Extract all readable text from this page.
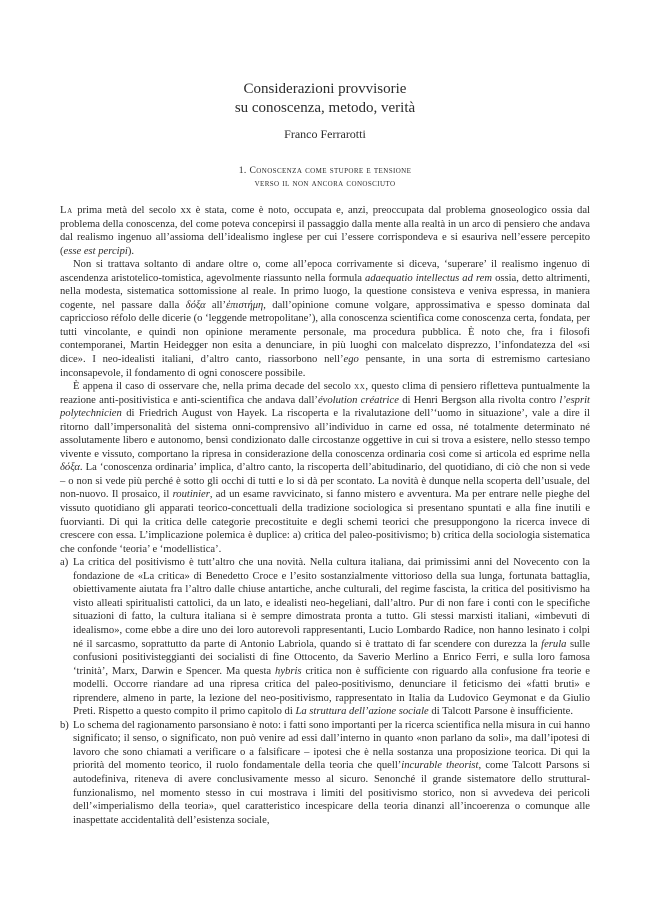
Considerazioni provvisorie
su conoscenza, metodo, verità
Franco Ferrarotti
1. Conoscenza come stupore e tensione
verso il non ancora conosciuto

La prima metà del secolo xx è stata, come è noto, occupata e, anzi, preoccupata dal problema gnoseologico ossia dal problema della conoscenza, del come poteva concepirsi il passaggio dalla mente alla realtà in un arco di pensiero che andava dal realismo ingenuo all’assioma dell’idealismo inglese per cui l’essere corrispondeva e si esauriva nell’essere percepito (esse est percipi).

Non si trattava soltanto di andare oltre o, come all’epoca corrivamente si diceva, ‘superare’ il realismo ingenuo di ascendenza aristotelico-tomistica, agevolmente riassunto nella formula adaequatio intellectus ad rem ossia, detto altrimenti, nella modesta, sistematica sottomissione al reale. In primo luogo, la questione consisteva e veniva espressa, in maniera cogente, nel passare dalla δόξα all’ἐπιστήμη, dall’opinione comune volgare, approssimativa e spesso dominata dal capriccioso réfolo delle dicerie (o ‘leggende metropolitane’), alla conoscenza scientifica come conoscenza certa, fondata, per tutti vincolante, e quindi non opinione meramente personale, ma procedura pubblica. È noto che, fra i filosofi contemporanei, Martin Heidegger non esita a denunciare, in più luoghi con malcelato disprezzo, l’infondatezza del «si dice». I neo-idealisti italiani, d’altro canto, riassorbono nell’ego pensante, in una sorta di estremismo cartesiano inconsapevole, il fondamento di ogni conoscere possibile.

È appena il caso di osservare che, nella prima decade del secolo xx, questo clima di pensiero rifletteva puntualmente la reazione anti-positivistica e anti-scientifica che andava dall’évolution créatrice di Henri Bergson alla rivolta contro l’esprit polytechnicien di Friedrich August von Hayek. La riscoperta e la rivalutazione dell’‘uomo in situazione’, vale a dire il ritorno dall’impersonalità del sistema onni-comprensivo all’individuo in carne ed ossa, né totalmente determinato né assolutamente libero e autonomo, bensì condizionato dalle circostanze oggettive in cui si trova a esistere, nello stesso tempo vivente e vissuto, comportano la ripresa in considerazione della conoscenza ordinaria così come si articola ed esprime nella δόξα. La ‘conoscenza ordinaria’ implica, d’altro canto, la riscoperta dell’abitudinario, del quotidiano, di ciò che non si vede – o non si vede più perché è sotto gli occhi di tutti e lo si dà per scontato. La novità è dunque nella scoperta dell’usuale, del non-nuovo. Il prosaico, il routinier, ad un esame ravvicinato, si fanno mistero e avventura. Ma per entrare nelle pieghe del vissuto quotidiano gli apparati teorico-concettuali della tradizione sociologica si presentano spuntati e alla fine inutili e fuorvianti. Di qui la critica delle categorie precostituite e degli schemi teorici che presuppongono la ricerca invece di crescere con essa. L’implicazione polemica è duplice: a) critica del paleo-positivismo; b) critica della sociologia sistematica che confonde ‘teoria’ e ‘modellistica’.

a) La critica del positivismo è tutt’altro che una novità. Nella cultura italiana, dai primissimi anni del Novecento con la fondazione de «La critica» di Benedetto Croce e l’esito sostanzialmente vittorioso della sua lunga, fortunata battaglia, obiettivamente aiutata fra l’altro dalle chiuse antartiche, anche culturali, del regime fascista, la critica del positivismo ha visto alleati spiritualisti cattolici, da un lato, e idealisti neo-hegeliani, dall’altro. Pur di non fare i conti con le specifiche situazioni di fatto, la cultura italiana si è sempre dimostrata pronta a tutto. Gli stessi marxisti italiani, «imbevuti di idealismo», come ebbe a dire uno dei loro autorevoli rappresentanti, Lucio Lombardo Radice, non hanno lesinato i colpi né il sarcasmo, soprattutto da parte di Antonio Labriola, quando si è trattato di far scendere con durezza la ferula sulle confusioni positivisteggianti dei socialisti di fine Ottocento, da Saverio Merlino a Enrico Ferri, e sulla loro famosa ‘trinità’, Marx, Darwin e Spencer. Ma questa hybris critica non è sufficiente con riguardo alla confusione fra teorie e modelli. Occorre riandare ad una ripresa critica del paleo-positivismo, denunciare il feticismo dei «fatti bruti» e riprendere, almeno in parte, la lezione del neo-positivismo, rappresentato in Italia da Ludovico Geymonat e da Giulio Preti. Rispetto a questo compito il primo capitolo di La struttura dell’azione sociale di Talcott Parsone è insufficiente.
b) Lo schema del ragionamento parsonsiano è noto: i fatti sono importanti per la ricerca scientifica nella misura in cui hanno significato; il senso, o significato, non può venire ad essi dall’interno in quanto «non parlano da soli», ma dall’ipotesi di lavoro che sono chiamati a verificare o a falsificare – ipotesi che è nella sostanza una proposizione teorica. Di qui la priorità del momento teorico, il ruolo fondamentale della teoria che quell’incurable theorist, come Talcott Parsons si autodefiniva, riteneva di avere conclusivamente messo al sicuro. Senonché il grande sistematore dello struttural-funzionalismo, nel momento stesso in cui mostrava i limiti del positivismo storico, non si avvedeva dei pericoli dell’«imperialismo della teoria», quel caratteristico incespicare della teoria dinanzi all’incoerenza o comunque alle inaspettate accidentalità dell’esistenza sociale,
